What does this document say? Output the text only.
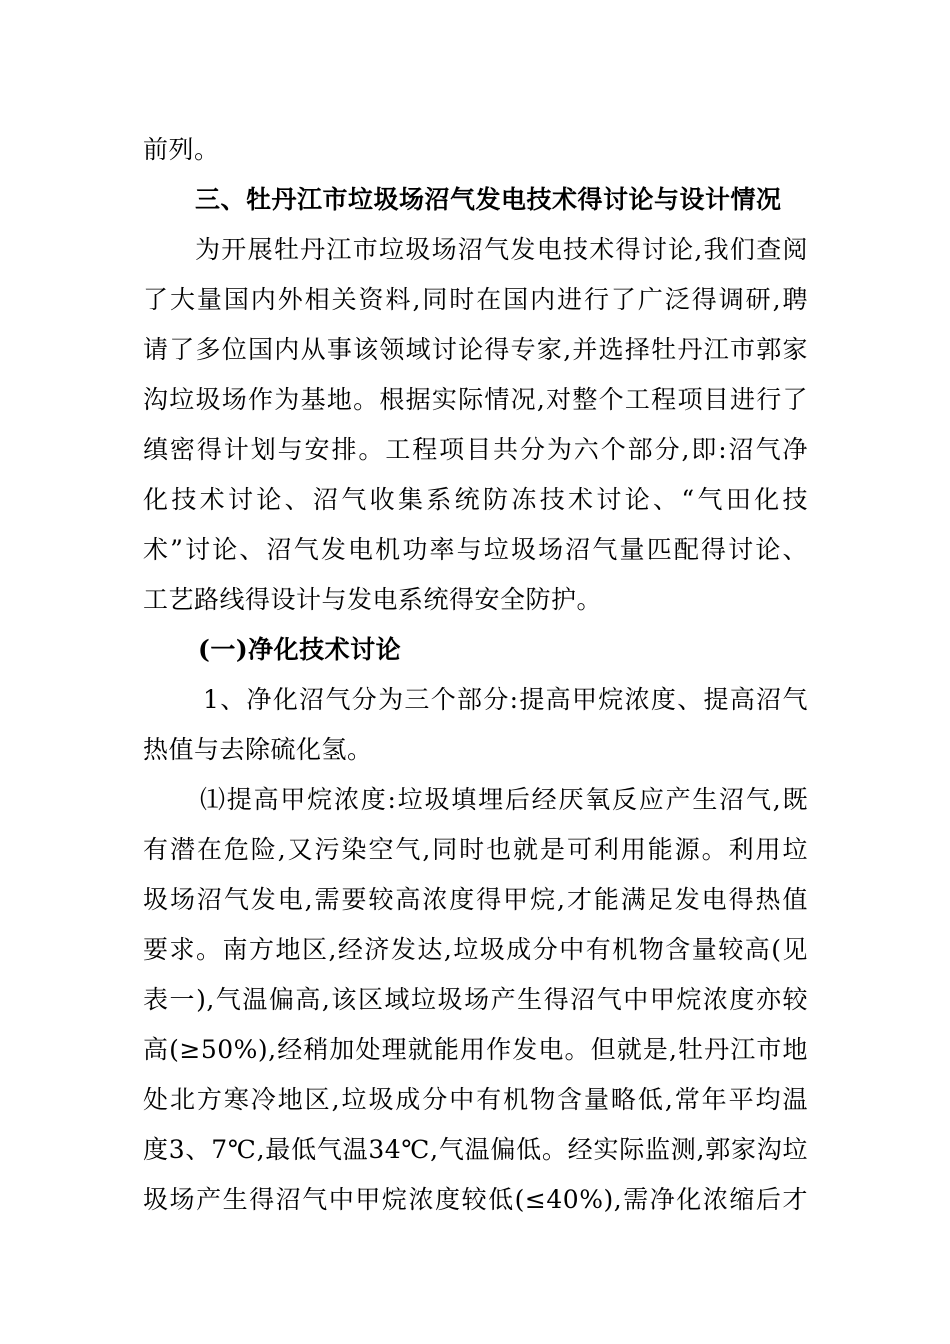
前列。
三、牡丹江市垃圾场沼气发电技术得讨论与设计情况
为开展牡丹江市垃圾场沼气发电技术得讨论,我们查阅
了大量国内外相关资料,同时在国内进行了广泛得调研,聘
请了多位国内从事该领域讨论得专家,并选择牡丹江市郭家
沟垃圾场作为基地。根据实际情况,对整个工程项目进行了
缜密得计划与安排。工程项目共分为六个部分,即:沼气净
化技术讨论、沼气收集系统防冻技术讨论、“气田化技
术”讨论、沼气发电机功率与垃圾场沼气量匹配得讨论、
工艺路线得设计与发电系统得安全防护。
(一)净化技术讨论
1、净化沼气分为三个部分:提高甲烷浓度、提高沼气
热值与去除硫化氢。
⑴提高甲烷浓度:垃圾填埋后经厌氧反应产生沼气,既
有潜在危险,又污染空气,同时也就是可利用能源。利用垃
圾场沼气发电,需要较高浓度得甲烷,才能满足发电得热值
要求。南方地区,经济发达,垃圾成分中有机物含量较高(见
表一),气温偏高,该区域垃圾场产生得沼气中甲烷浓度亦较
高(≥50%),经稍加处理就能用作发电。但就是,牡丹江市地
处北方寒冷地区,垃圾成分中有机物含量略低,常年平均温
度3、7℃,最低气温34℃,气温偏低。经实际监测,郭家沟垃
圾场产生得沼气中甲烷浓度较低(≤40%),需净化浓缩后才
